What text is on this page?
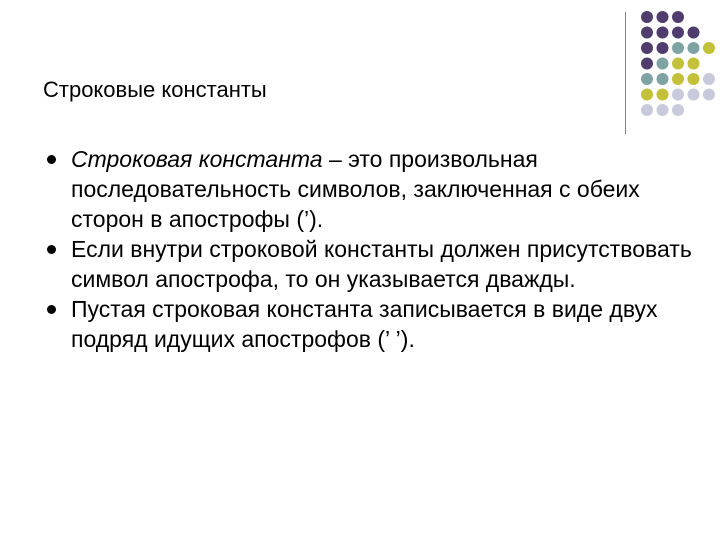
Строковые константы
Строковая константа – это произвольная последовательность символов, заключенная с обеих сторон в апострофы (’).
Если внутри строковой константы должен присутствовать символ апострофа, то он указывается дважды.
Пустая строковая константа записывается в виде двух подряд идущих апострофов (’ ’).
